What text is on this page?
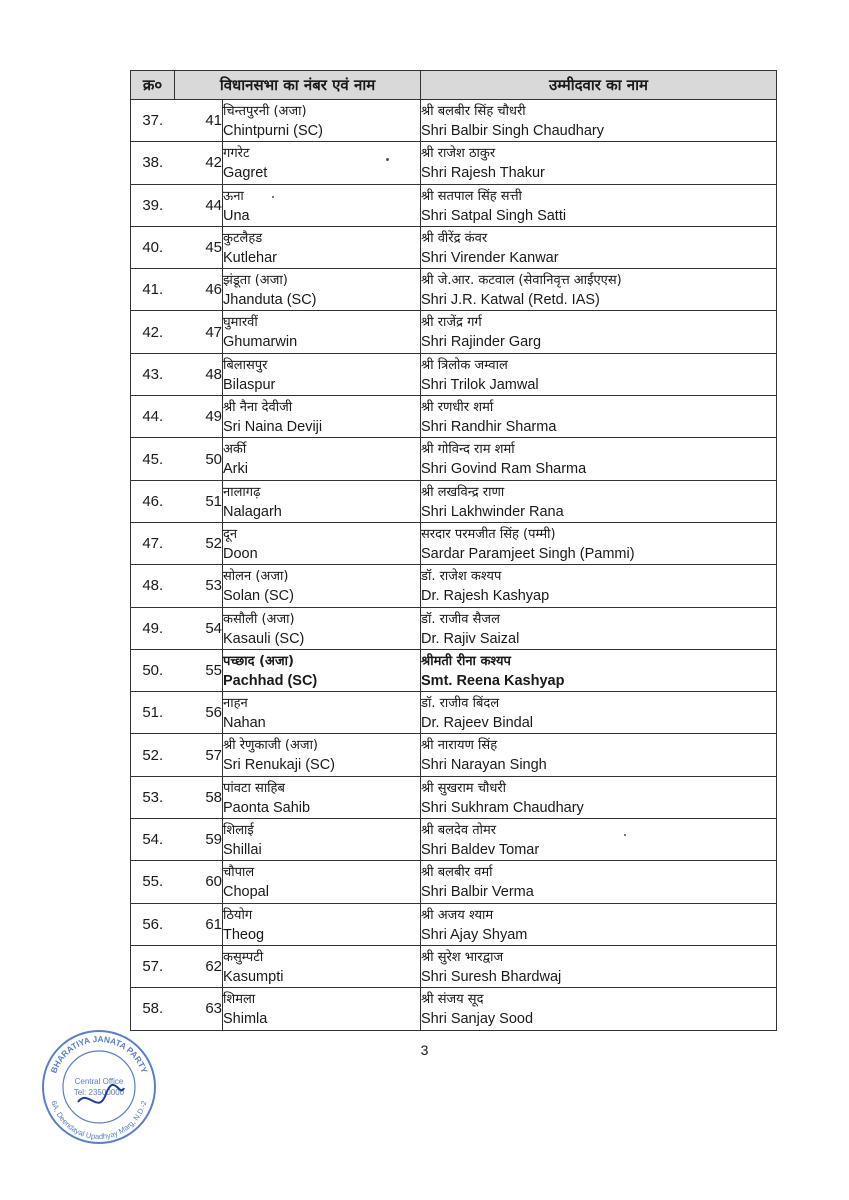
क्र०	विधानसभा का नंबर एवं नाम		उम्मीदवार का नाम
37.	41	चिन्तपुरनी (अजा)
Chintpurni (SC)	श्री बलबीर सिंह चौधरी
Shri Balbir Singh Chaudhary

38.	42	गगरेट
Gagret	श्री राजेश ठाकुर
Shri Rajesh Thakur

39.	44	ऊना
Una	श्री सतपाल सिंह सत्ती
Shri Satpal Singh Satti

40.	45	कुटलैहड
Kutlehar	श्री वीरेंद्र कंवर
Shri Virender Kanwar

41.	46	झंडूता (अजा)
Jhanduta (SC)	श्री जे.आर. कटवाल (सेवानिवृत्त आईएएस)
Shri J.R. Katwal (Retd. IAS)

42.	47	घुमारवीं
Ghumarwin	श्री राजेंद्र गर्ग
Shri Rajinder Garg

43.	48	बिलासपुर
Bilaspur	श्री त्रिलोक जम्वाल
Shri Trilok Jamwal

44.	49	श्री नैना देवीजी
Sri Naina Deviji	श्री रणधीर शर्मा
Shri Randhir Sharma

45.	50	अर्की
Arki	श्री गोविन्द राम शर्मा
Shri Govind Ram Sharma

46.	51	नालागढ़
Nalagarh	श्री लखविन्द्र राणा
Shri Lakhwinder Rana

47.	52	दून
Doon	सरदार परमजीत सिंह (पम्मी)
Sardar Paramjeet Singh (Pammi)

48.	53	सोलन (अजा)
Solan (SC)	डॉ. राजेश कश्यप
Dr. Rajesh Kashyap

49.	54	कसौली (अजा)
Kasauli (SC)	डॉ. राजीव सैजल
Dr. Rajiv Saizal

50.	55	पच्छाद (अजा)
Pachhad (SC)	श्रीमती रीना कश्यप
Smt. Reena Kashyap

51.	56	नाहन
Nahan	डॉ. राजीव बिंदल
Dr. Rajeev Bindal

52.	57	श्री रेणुकाजी (अजा)
Sri Renukaji (SC)	श्री नारायण सिंह
Shri Narayan Singh

53.	58	पांवटा साहिब
Paonta Sahib	श्री सुखराम चौधरी
Shri Sukhram Chaudhary

54.	59	शिलाई
Shillai	श्री बलदेव तोमर
Shri Baldev Tomar

55.	60	चौपाल
Chopal	श्री बलबीर वर्मा
Shri Balbir Verma

56.	61	ठियोग
Theog	श्री अजय श्याम
Shri Ajay Shyam

57.	62	कसुम्पटी
Kasumpti	श्री सुरेश भारद्वाज
Shri Suresh Bhardwaj

58.	63	शिमला
Shimla	श्री संजय सूद
Shri Sanjay Sood
3
BHARATIYA JANATA PARTY
6A, Deendayal Upadhyay Marg, N.D.-2
Central Office
Tel: 23500000
